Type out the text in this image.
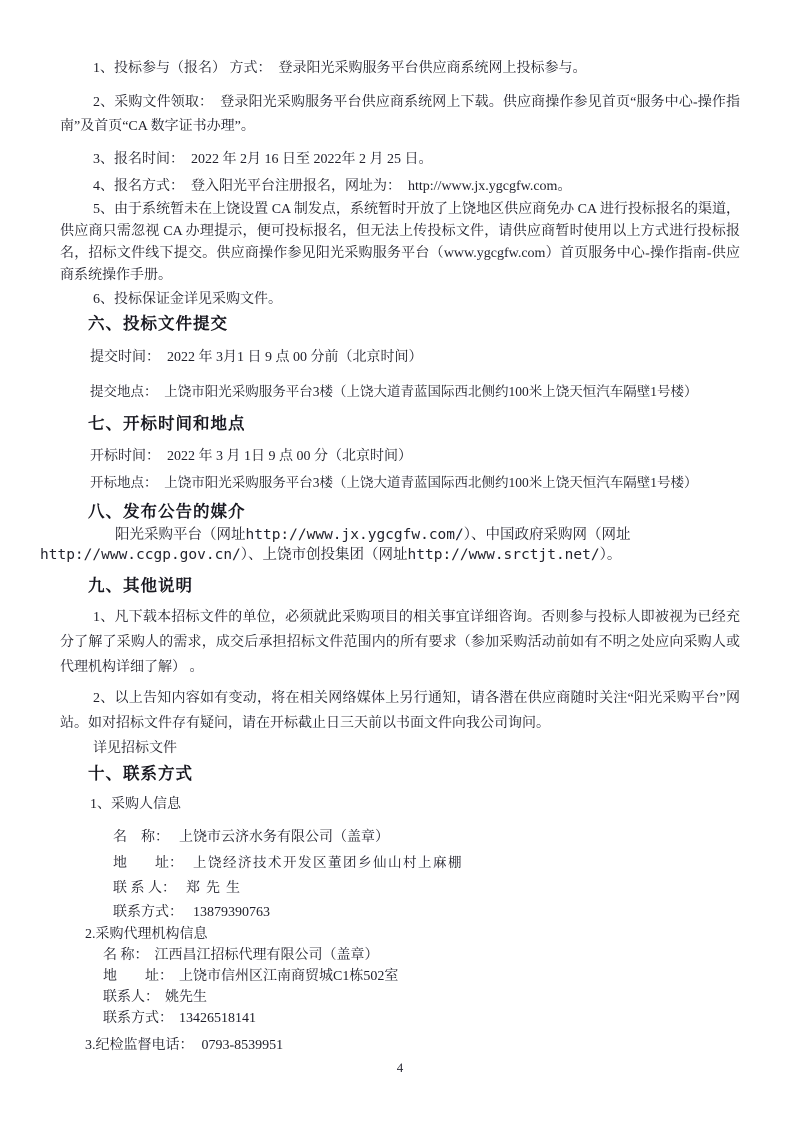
1、投标参与（报名） 方式：　登录阳光采购服务平台供应商系统网上投标参与。

2、采购文件领取：　登录阳光采购服务平台供应商系统网上下载。供应商操作参见首页“服务中心-操作指南”及首页“CA 数字证书办理”。

3、报名时间：　2022 年 2月 16 日至 2022年 2 月 25 日。

4、报名方式：　登入阳光平台注册报名，网址为：　http://www.jx.ygcgfw.com。

5、由于系统暂未在上饶设置 CA 制发点，系统暂时开放了上饶地区供应商免办 CA 进行投标报名的渠道，供应商只需忽视 CA 办理提示，便可投标报名，但无法上传投标文件，请供应商暂时使用以上方式进行投标报名，招标文件线下提交。供应商操作参见阳光采购服务平台（www.ygcgfw.com）首页服务中心-操作指南-供应商系统操作手册。

6、投标保证金详见采购文件。

六、投标文件提交
提交时间：　2022 年 3月1 日 9 点 00 分前（北京时间）
提交地点：　上饶市阳光采购服务平台3楼（上饶大道青蓝国际西北侧约100米上饶天恒汽车隔壁1号楼）
七、开标时间和地点
开标时间：　2022 年 3 月 1日 9 点 00 分（北京时间）
开标地点：　上饶市阳光采购服务平台3楼（上饶大道青蓝国际西北侧约100米上饶天恒汽车隔壁1号楼）
八、发布公告的媒介
阳光采购平台（网址http://www.jx.ygcgfw.com/）、中国政府采购网（网址
http://www.ccgp.gov.cn/）、上饶市创投集团（网址http://www.srctjt.net/）。
九、其他说明

1、凡下载本招标文件的单位，必须就此采购项目的相关事宜详细咨询。否则参与投标人即被视为已经充分了解了采购人的需求，成交后承担招标文件范围内的所有要求（参加采购活动前如有不明之处应向采购人或代理机构详细了解） 。

2、以上告知内容如有变动，将在相关网络媒体上另行通知，请各潜在供应商随时关注“阳光采购平台”网站。如对招标文件存有疑问，请在开标截止日三天前以书面文件向我公司询问。

详见招标文件

十、联系方式
1、采购人信息
名　称： 上饶市云济水务有限公司（盖章）
地　　址： 上饶经济技术开发区董团乡仙山村上麻棚
联 系 人： 郑先生
联系方式： 13879390763
2.采购代理机构信息
名 称： 江西昌江招标代理有限公司（盖章）
地　　址： 上饶市信州区江南商贸城C1栋502室
联系人： 姚先生
联系方式： 13426518141
3.纪检监督电话： 0793-8539951
4
